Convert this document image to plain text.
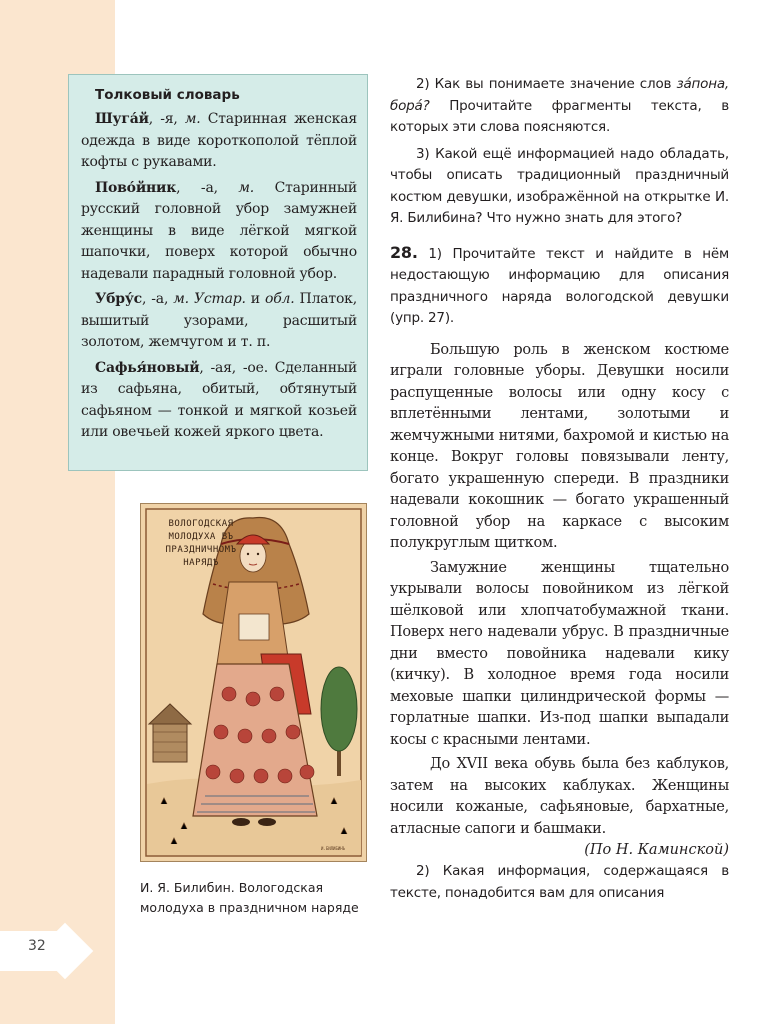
32
Толковый словарь

Шуга́й, -я, м. Старинная женская одежда в виде короткополой тёплой кофты с рукавами.

Пово́йник, -а, м. Старинный русский головной убор замужней женщины в виде лёгкой мягкой шапочки, поверх которой обычно надевали парадный головной убор.

Убру́с, -а, м. Устар. и обл. Платок, вышитый узорами, расшитый золотом, жемчугом и т. п.

Сафья́новый, -ая, -ое. Сделанный из сафьяна, обитый, обтянутый сафьяном — тонкой и мягкой козьей или овечьей кожей яркого цвета.

И.БИЛИБИНЪ
ВОЛОГОДСКАЯ МОЛОДУХА ВЪ ПРАЗДНИЧНОМЪ НАРЯДѢ
И. Я. Билибин. Вологодская молодуха в праздничном наряде

2) Как вы понимаете значение слов за́пона, бора́? Прочитайте фрагменты текста, в которых эти слова поясняются.

3) Какой ещё информацией надо обладать, чтобы описать традиционный праздничный костюм девушки, изображённой на открытке И. Я. Билибина? Что нужно знать для этого?

28. 1) Прочитайте текст и найдите в нём недостающую информацию для описания праздничного наряда вологодской девушки (упр. 27).

Большую роль в женском костюме играли головные уборы. Девушки носили распущенные волосы или одну косу с вплетёнными лентами, золотыми и жемчужными нитями, бахромой и кистью на конце. Вокруг головы повязывали ленту, богато украшенную спереди. В праздники надевали кокошник — богато украшенный головной убор на каркасе с высоким полукруглым щитком.

Замужние женщины тщательно укрывали волосы повойником из лёгкой шёлковой или хлопчатобумажной ткани. Поверх него надевали убрус. В праздничные дни вместо повойника надевали кику (кичку). В холодное время года носили меховые шапки цилиндрической формы — горлатные шапки. Из-под шапки выпадали косы с красными лентами.

До XVII века обувь была без каблуков, затем на высоких каблуках. Женщины носили кожаные, сафьяновые, бархатные, атласные сапоги и башмаки.

(По Н. Каминской)

2) Какая информация, содержащаяся в тексте, понадобится вам для описания
